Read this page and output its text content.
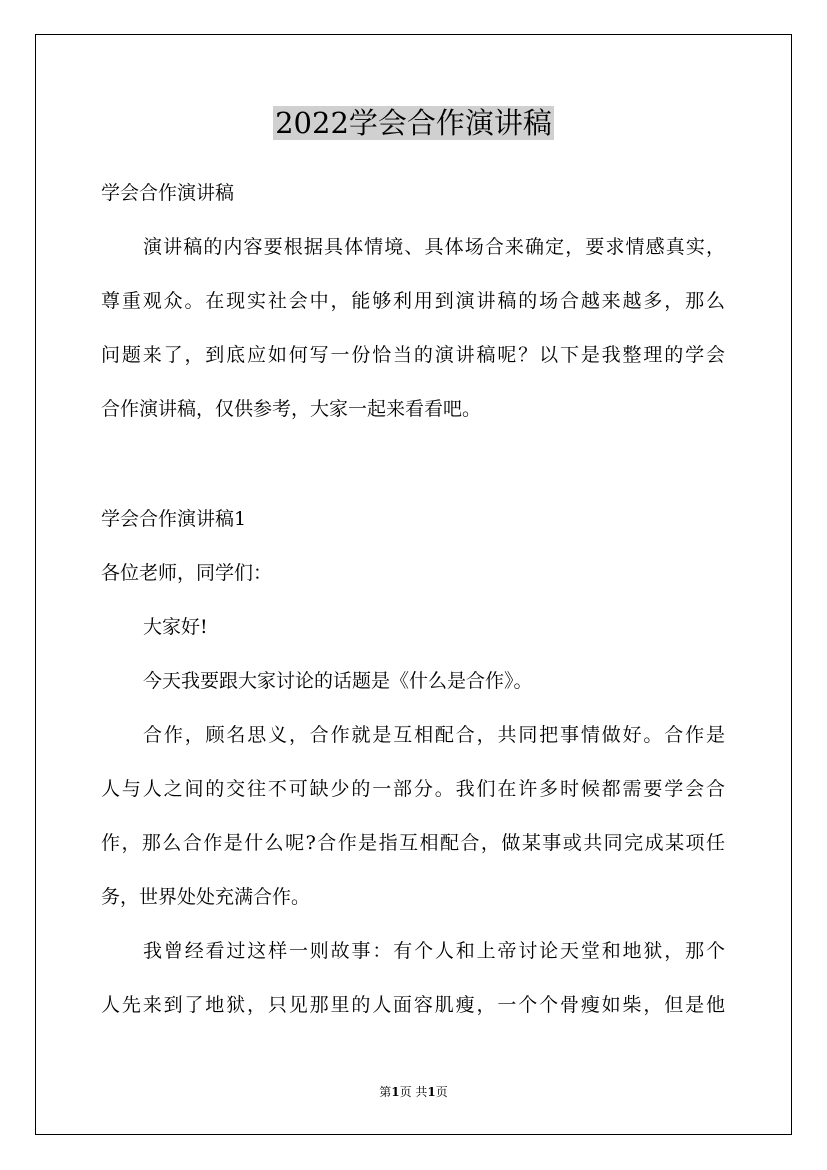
2022学会合作演讲稿

学会合作演讲稿

演讲稿的内容要根据具体情境、具体场合来确定，要求情感真实，

尊重观众。在现实社会中，能够利用到演讲稿的场合越来越多，那么

问题来了，到底应如何写一份恰当的演讲稿呢？以下是我整理的学会

合作演讲稿，仅供参考，大家一起来看看吧。

学会合作演讲稿1

各位老师，同学们：

大家好!

今天我要跟大家讨论的话题是《什么是合作》。

合作，顾名思义，合作就是互相配合，共同把事情做好。合作是

人与人之间的交往不可缺少的一部分。我们在许多时候都需要学会合

作，那么合作是什么呢?合作是指互相配合，做某事或共同完成某项任

务，世界处处充满合作。

我曾经看过这样一则故事：有个人和上帝讨论天堂和地狱，那个

人先来到了地狱，只见那里的人面容肌瘦，一个个骨瘦如柴，但是他

第1页 共1页
